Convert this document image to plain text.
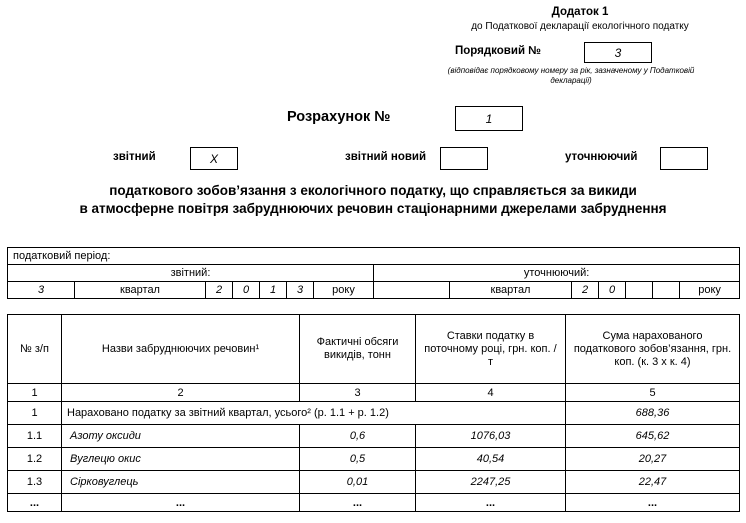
Додаток 1
до Податкової декларації екологічного податку
Порядковий №	3
(відповідає порядковому номеру за рік, зазначеному у Податковій декларації)
Розрахунок №	1
звітний	X	звітний новий	уточнюючий
податкового зобов’язання з екологічного податку, що справляється за викиди
в атмосферне повітря забруднюючих речовин стаціонарними джерелами забруднення
податковий період:													
звітний:							уточнюючий:						
3	квартал	2	0	1	3	року		квартал	2	0			року
№ з/п	Назви забруднюючих речовин¹	Фактичні обсяги викидів, тонн	Ставки податку в поточному році, грн. коп. /т	Сума нарахованого податкового зобов’язання, грн. коп. (к. 3 х к. 4)
1	2	3	4	5
1	Нараховано податку за звітний квартал, усього² (р. 1.1 + р. 1.2)			688,36
1.1	Азоту оксиди	0,6	1076,03	645,62
1.2	Вуглецю окис	0,5	40,54	20,27
1.3	Сірковуглець	0,01	2247,25	22,47
...	...	...	...	...
